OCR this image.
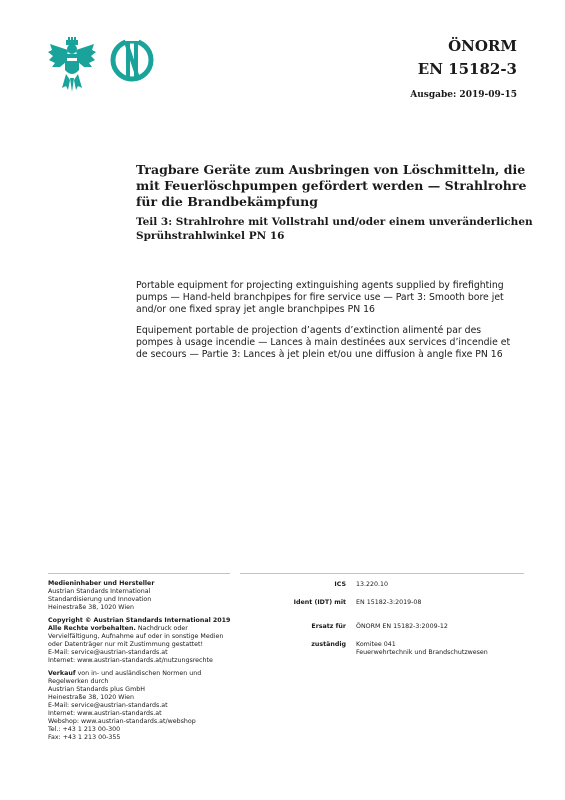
ÖNORM
EN 15182-3
Ausgabe: 2019-09-15
Tragbare Geräte zum Ausbringen von Löschmitteln, die mit Feuerlöschpumpen gefördert werden — Strahlrohre für die Brandbekämpfung
Teil 3: Strahlrohre mit Vollstrahl und/oder einem unveränderlichen Sprühstrahlwinkel PN 16

Portable equipment for projecting extinguishing agents supplied by firefighting pumps — Hand-held branchpipes for fire service use — Part 3: Smooth bore jet and/or one fixed spray jet angle branchpipes PN 16

Equipement portable de projection d’agents d’extinction alimenté par des pompes à usage incendie — Lances à main destinées aux services d’incendie et de secours — Partie 3: Lances à jet plein et/ou une diffusion à angle fixe PN 16

Medieninhaber und Hersteller
Austrian Standards International
Standardisierung und Innovation
Heinestraße 38, 1020 Wien
Copyright © Austrian Standards International 2019
Alle Rechte vorbehalten. Nachdruck oder Vervielfältigung, Aufnahme auf oder in sonstige Medien oder Datenträger nur mit Zustimmung gestattet!
E-Mail: service@austrian-standards.at
Internet: www.austrian-standards.at/nutzungsrechte
Verkauf von in- und ausländischen Normen und Regelwerken durch
Austrian Standards plus GmbH
Heinestraße 38, 1020 Wien
E-Mail: service@austrian-standards.at
Internet: www.austrian-standards.at
Webshop: www.austrian-standards.at/webshop
Tel.: +43 1 213 00-300
Fax: +43 1 213 00-355
ICS	13.220.10
Ident (IDT) mit	EN 15182-3:2019-08
Ersatz für	ÖNORM EN 15182-3:2009-12
zuständig	Komitee 041
Feuerwehrtechnik und Brandschutzwesen
